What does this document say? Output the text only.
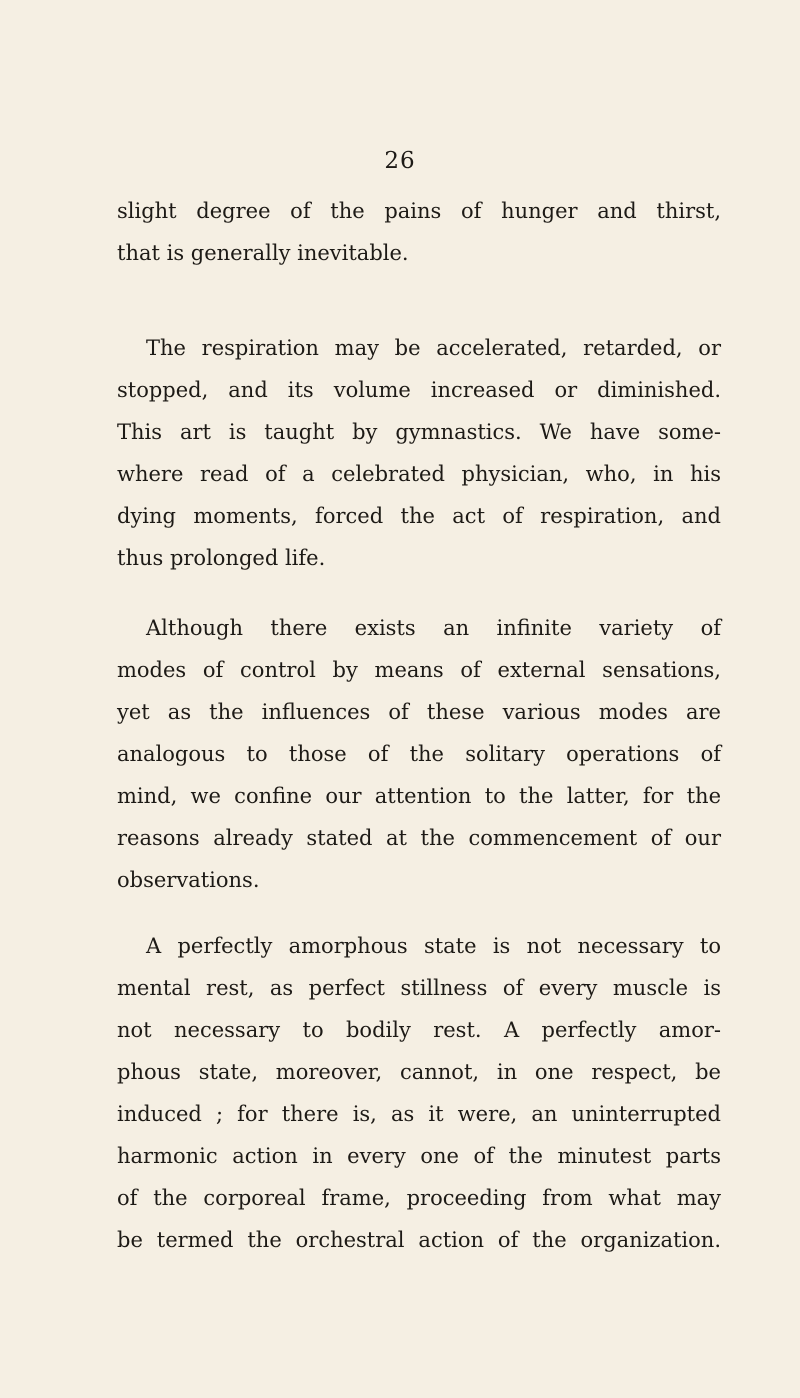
26
slight degree of the pains of hunger and thirst,
that is generally inevitable.
The respiration may be accelerated, retarded, or
stopped, and its volume increased or diminished.
This art is taught by gymnastics. We have some-
where read of a celebrated physician, who, in his
dying moments, forced the act of respiration, and
thus prolonged life.
Although there exists an infinite variety of
modes of control by means of external sensations,
yet as the influences of these various modes are
analogous to those of the solitary operations of
mind, we confine our attention to the latter, for the
reasons already stated at the commencement of our
observations.
A perfectly amorphous state is not necessary to
mental rest, as perfect stillness of every muscle is
not necessary to bodily rest. A perfectly amor-
phous state, moreover, cannot, in one respect, be
induced ; for there is, as it were, an uninterrupted
harmonic action in every one of the minutest parts
of the corporeal frame, proceeding from what may
be termed the orchestral action of the organization.
